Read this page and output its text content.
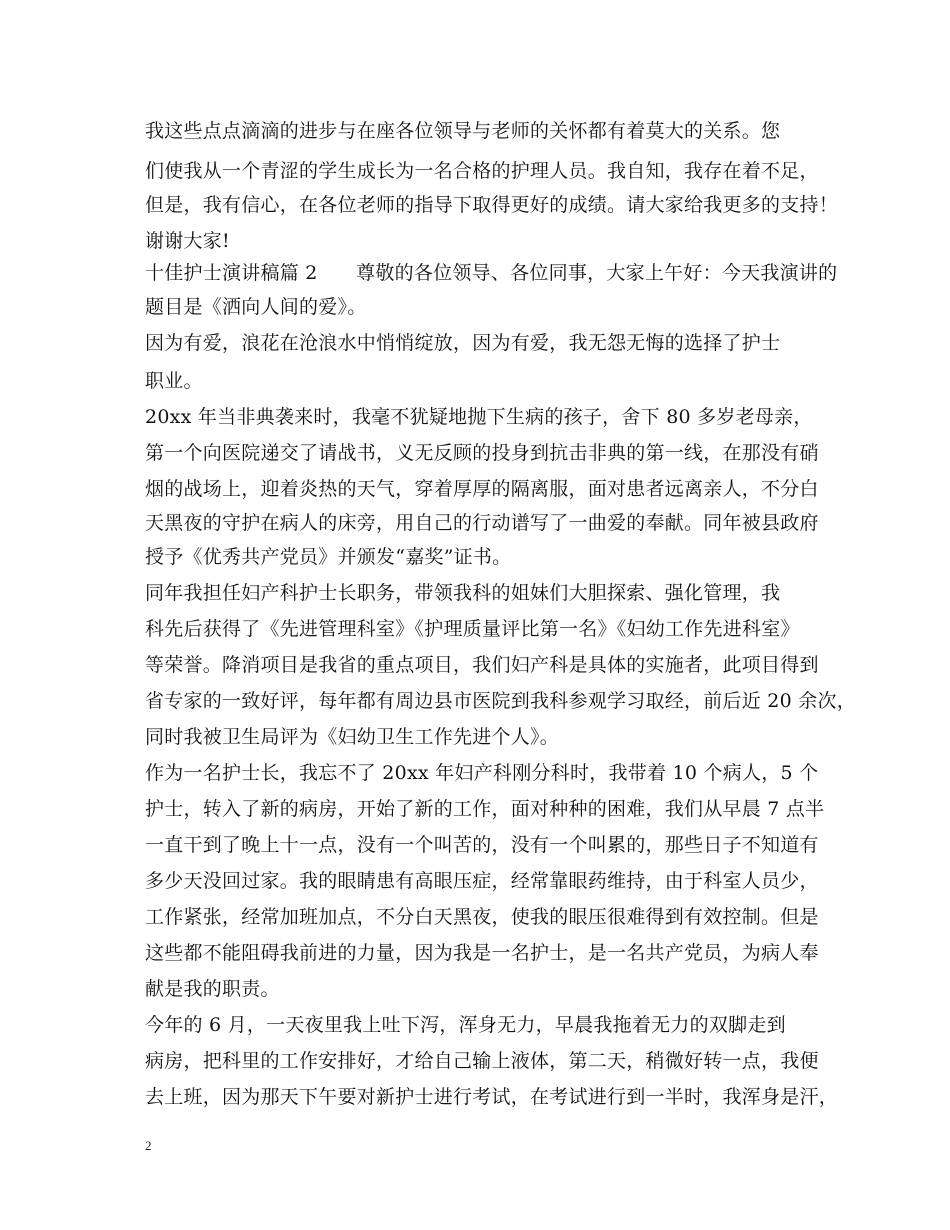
我这些点点滴滴的进步与在座各位领导与老师的关怀都有着莫大的关系。您
们使我从一个青涩的学生成长为一名合格的护理人员。我自知，我存在着不足，
但是，我有信心，在各位老师的指导下取得更好的成绩。请大家给我更多的支持！
谢谢大家!
十佳护士演讲稿篇 2　　尊敬的各位领导、各位同事，大家上午好：今天我演讲的
题目是《洒向人间的爱》。
因为有爱，浪花在沧浪水中悄悄绽放，因为有爱，我无怨无悔的选择了护士
职业。
20xx 年当非典袭来时，我毫不犹疑地抛下生病的孩子，舍下 80 多岁老母亲，
第一个向医院递交了请战书，义无反顾的投身到抗击非典的第一线，在那没有硝
烟的战场上，迎着炎热的天气，穿着厚厚的隔离服，面对患者远离亲人，不分白
天黑夜的守护在病人的床旁，用自己的行动谱写了一曲爱的奉献。同年被县政府
授予《优秀共产党员》并颁发“嘉奖”证书。
同年我担任妇产科护士长职务，带领我科的姐妹们大胆探索、强化管理，我
科先后获得了《先进管理科室》《护理质量评比第一名》《妇幼工作先进科室》
等荣誉。降消项目是我省的重点项目，我们妇产科是具体的实施者，此项目得到
省专家的一致好评，每年都有周边县市医院到我科参观学习取经，前后近 20 余次，
同时我被卫生局评为《妇幼卫生工作先进个人》。
作为一名护士长，我忘不了 20xx 年妇产科刚分科时，我带着 10 个病人，5 个
护士，转入了新的病房，开始了新的工作，面对种种的困难，我们从早晨 7 点半
一直干到了晚上十一点，没有一个叫苦的，没有一个叫累的，那些日子不知道有
多少天没回过家。我的眼睛患有高眼压症，经常靠眼药维持，由于科室人员少，
工作紧张，经常加班加点，不分白天黑夜，使我的眼压很难得到有效控制。但是
这些都不能阻碍我前进的力量，因为我是一名护士，是一名共产党员，为病人奉
献是我的职责。
今年的 6 月，一天夜里我上吐下泻，浑身无力，早晨我拖着无力的双脚走到
病房，把科里的工作安排好，才给自己输上液体，第二天，稍微好转一点，我便
去上班，因为那天下午要对新护士进行考试，在考试进行到一半时，我浑身是汗，
2
